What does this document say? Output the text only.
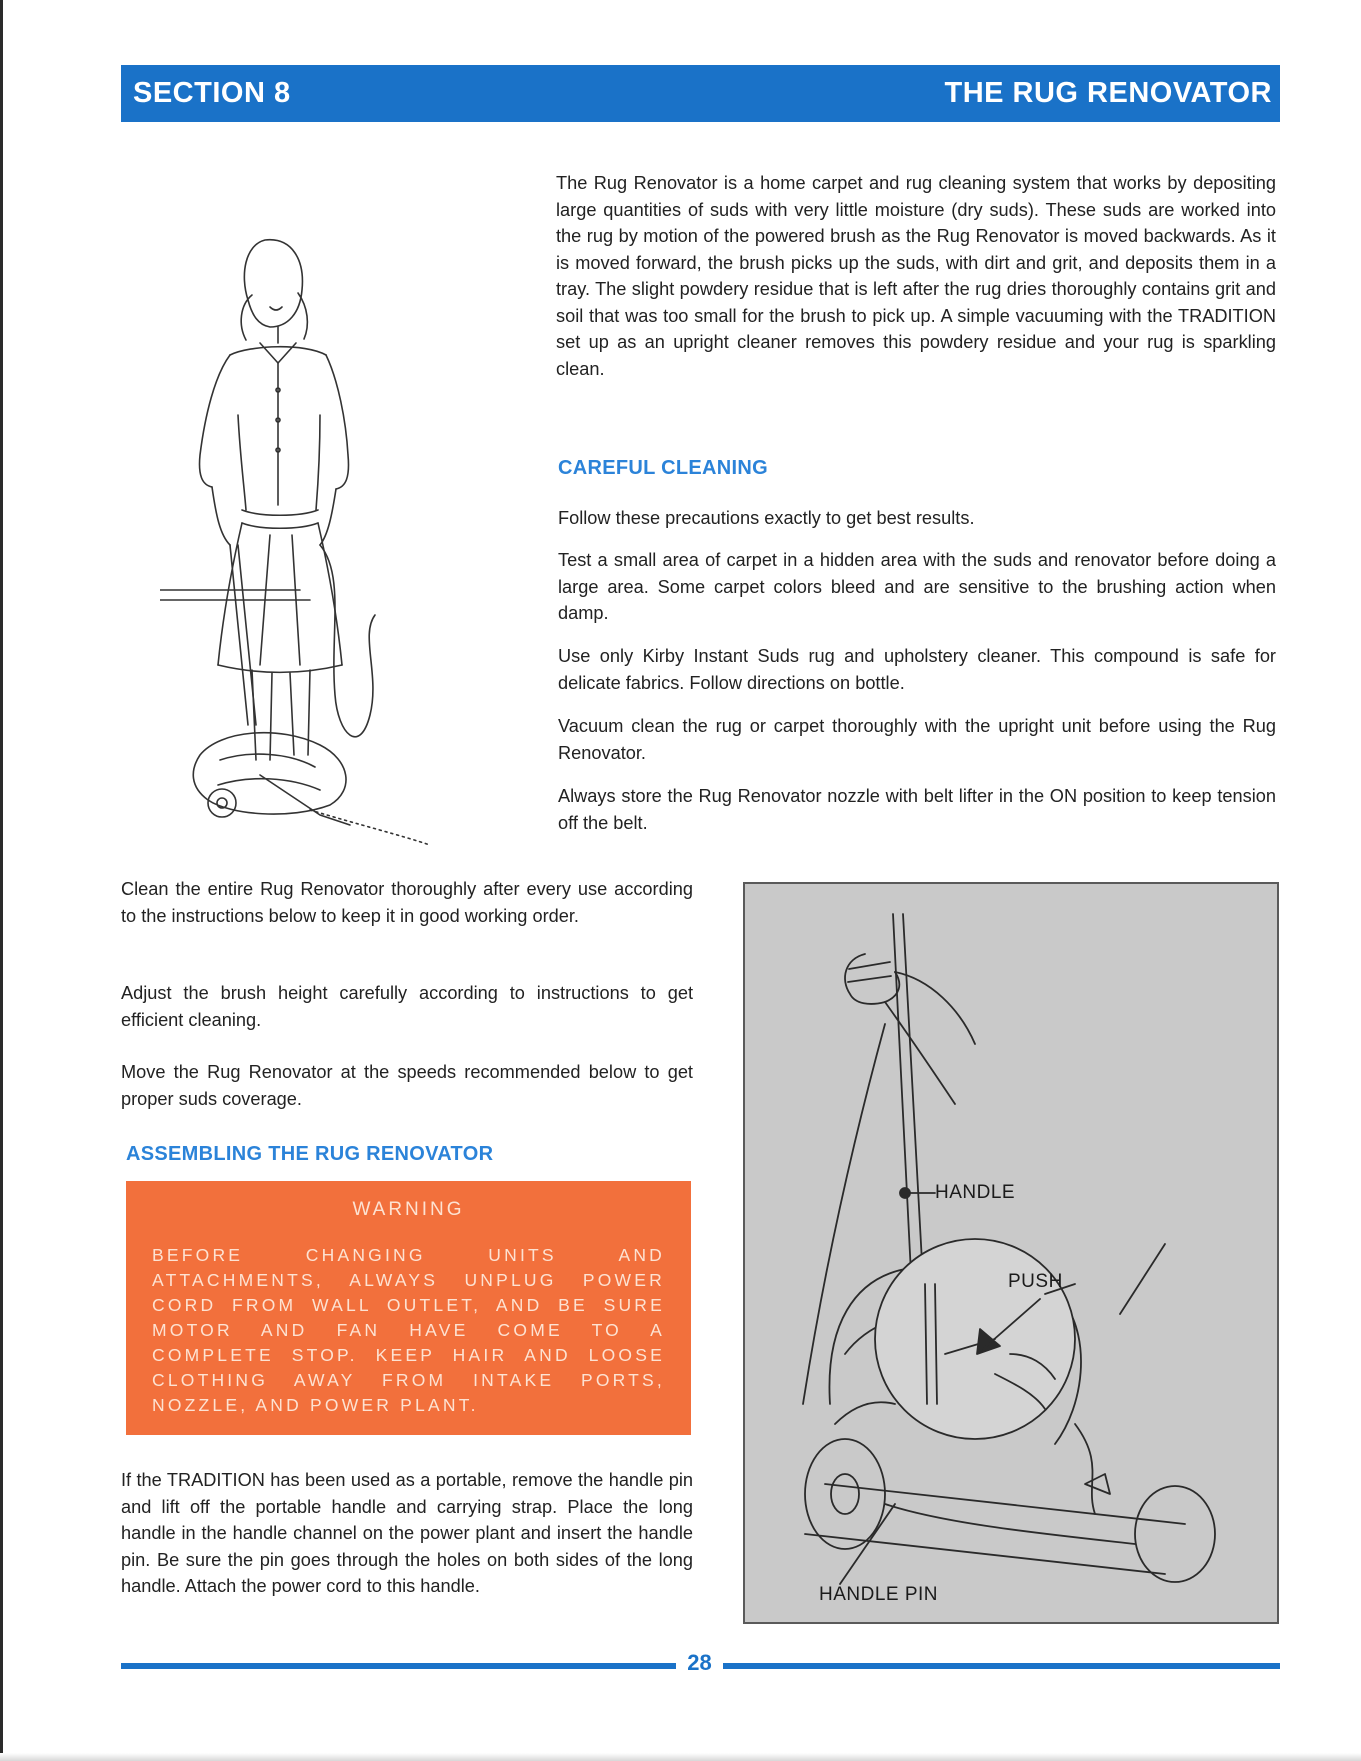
SECTION 8	THE RUG RENOVATOR

The Rug Renovator is a home carpet and rug cleaning system that works by depositing large quantities of suds with very little moisture (dry suds). These suds are worked into the rug by motion of the powered brush as the Rug Renovator is moved backwards. As it is moved forward, the brush picks up the suds, with dirt and grit, and deposits them in a tray. The slight powdery residue that is left after the rug dries thoroughly contains grit and soil that was too small for the brush to pick up. A simple vacuuming with the TRADITION set up as an upright cleaner removes this powdery residue and your rug is sparkling clean.

CAREFUL CLEANING

Follow these precautions exactly to get best results.

Test a small area of carpet in a hidden area with the suds and renovator before doing a large area. Some carpet colors bleed and are sensitive to the brushing action when damp.

Use only Kirby Instant Suds rug and upholstery cleaner. This compound is safe for delicate fabrics. Follow directions on bottle.

Vacuum clean the rug or carpet thoroughly with the upright unit before using the Rug Renovator.

Always store the Rug Renovator nozzle with belt lifter in the ON position to keep tension off the belt.

Clean the entire Rug Renovator thoroughly after every use according to the instructions below to keep it in good working order.

Adjust the brush height carefully according to instructions to get efficient cleaning.

Move the Rug Renovator at the speeds recommended below to get proper suds coverage.

ASSEMBLING THE RUG RENOVATOR
WARNING
BEFORE CHANGING UNITS AND ATTACHMENTS, ALWAYS UNPLUG POWER CORD FROM WALL OUTLET, AND BE SURE MOTOR AND FAN HAVE COME TO A COMPLETE STOP. KEEP HAIR AND LOOSE CLOTHING AWAY FROM INTAKE PORTS, NOZZLE, AND POWER PLANT.

If the TRADITION has been used as a portable, remove the handle pin and lift off the portable handle and carrying strap. Place the long handle in the handle channel on the power plant and insert the handle pin. Be sure the pin goes through the holes on both sides of the long handle. Attach the power cord to this handle.

HANDLE
PUSH
HANDLE PIN
28
